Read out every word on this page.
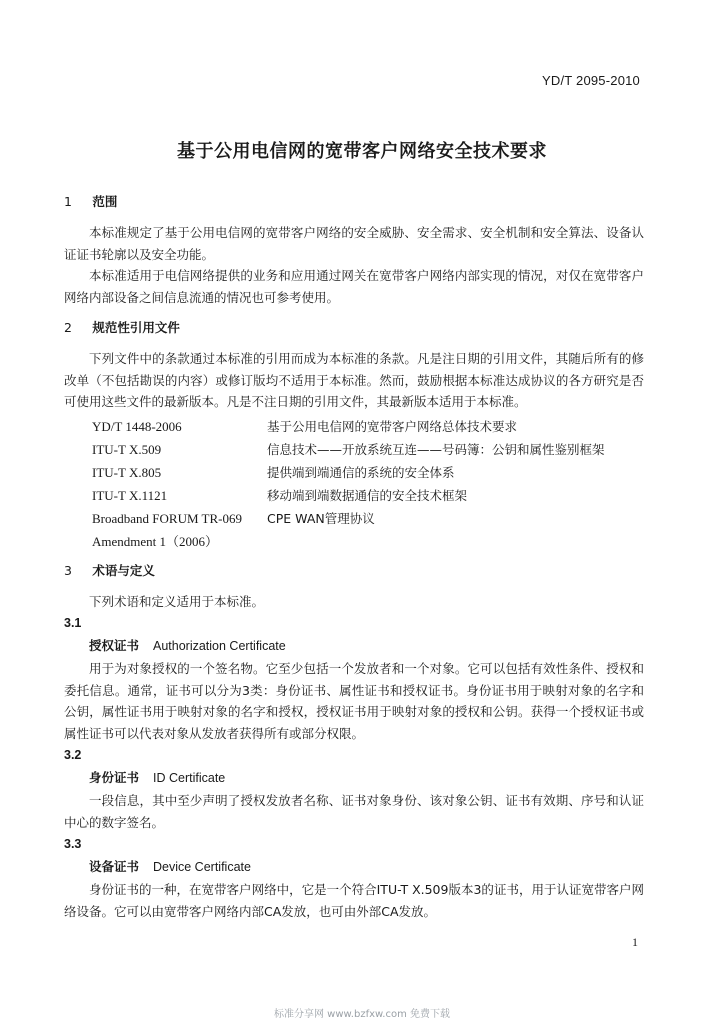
YD/T 2095-2010
基于公用电信网的宽带客户网络安全技术要求
1 范围

本标准规定了基于公用电信网的宽带客户网络的安全威胁、安全需求、安全机制和安全算法、设备认证证书轮廓以及安全功能。

本标准适用于电信网络提供的业务和应用通过网关在宽带客户网络内部实现的情况，对仅在宽带客户网络内部设备之间信息流通的情况也可参考使用。

2 规范性引用文件

下列文件中的条款通过本标准的引用而成为本标准的条款。凡是注日期的引用文件，其随后所有的修改单（不包括勘误的内容）或修订版均不适用于本标准。然而，鼓励根据本标准达成协议的各方研究是否可使用这些文件的最新版本。凡是不注日期的引用文件，其最新版本适用于本标准。

YD/T 1448-2006	基于公用电信网的宽带客户网络总体技术要求
ITU-T X.509	信息技术——开放系统互连——号码簿：公钥和属性鉴别框架
ITU-T X.805	提供端到端通信的系统的安全体系
ITU-T X.1121	移动端到端数据通信的安全技术框架
Broadband FORUM TR-069	CPE WAN管理协议
Amendment 1（2006）
3 术语与定义

下列术语和定义适用于本标准。

3.1
授权证书 Authorization Certificate

用于为对象授权的一个签名物。它至少包括一个发放者和一个对象。它可以包括有效性条件、授权和委托信息。通常，证书可以分为3类：身份证书、属性证书和授权证书。身份证书用于映射对象的名字和公钥，属性证书用于映射对象的名字和授权，授权证书用于映射对象的授权和公钥。获得一个授权证书或属性证书可以代表对象从发放者获得所有或部分权限。

3.2
身份证书 ID Certificate

一段信息，其中至少声明了授权发放者名称、证书对象身份、该对象公钥、证书有效期、序号和认证中心的数字签名。

3.3
设备证书 Device Certificate

身份证书的一种，在宽带客户网络中，它是一个符合ITU-T X.509版本3的证书，用于认证宽带客户网络设备。它可以由宽带客户网络内部CA发放，也可由外部CA发放。

1
标准分享网 www.bzfxw.com 免费下载
